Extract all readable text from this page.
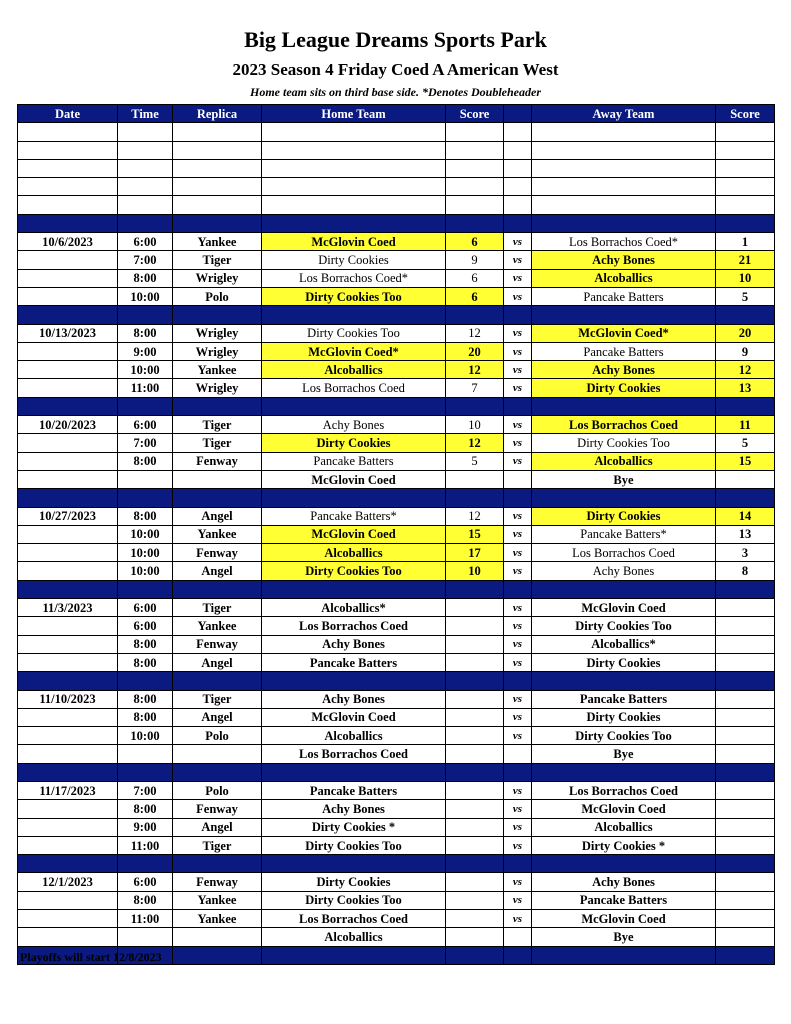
Big League Dreams Sports Park
2023 Season 4 Friday Coed A American West
Home team sits on third base side. *Denotes Doubleheader
Date	Time	Replica	Home Team	Score		Away Team	Score

10/6/2023	6:00	Yankee	McGlovin Coed	6	vs	Los Borrachos Coed*	1
	7:00	Tiger	Dirty Cookies	9	vs	Achy Bones	21
	8:00	Wrigley	Los Borrachos Coed*	6	vs	Alcoballics	10
	10:00	Polo	Dirty Cookies Too	6	vs	Pancake Batters	5

10/13/2023	8:00	Wrigley	Dirty Cookies Too	12	vs	McGlovin Coed*	20
	9:00	Wrigley	McGlovin Coed*	20	vs	Pancake Batters	9
	10:00	Yankee	Alcoballics	12	vs	Achy Bones	12
	11:00	Wrigley	Los Borrachos Coed	7	vs	Dirty Cookies	13

10/20/2023	6:00	Tiger	Achy Bones	10	vs	Los Borrachos Coed	11
	7:00	Tiger	Dirty Cookies	12	vs	Dirty Cookies Too	5
	8:00	Fenway	Pancake Batters	5	vs	Alcoballics	15
			McGlovin Coed			Bye	

10/27/2023	8:00	Angel	Pancake Batters*	12	vs	Dirty Cookies	14
	10:00	Yankee	McGlovin Coed	15	vs	Pancake Batters*	13
	10:00	Fenway	Alcoballics	17	vs	Los Borrachos Coed	3
	10:00	Angel	Dirty Cookies Too	10	vs	Achy Bones	8

11/3/2023	6:00	Tiger	Alcoballics*		vs	McGlovin Coed	
	6:00	Yankee	Los Borrachos Coed		vs	Dirty Cookies Too	
	8:00	Fenway	Achy Bones		vs	Alcoballics*	
	8:00	Angel	Pancake Batters		vs	Dirty Cookies	

11/10/2023	8:00	Tiger	Achy Bones		vs	Pancake Batters	
	8:00	Angel	McGlovin Coed		vs	Dirty Cookies	
	10:00	Polo	Alcoballics		vs	Dirty Cookies Too	
			Los Borrachos Coed			Bye	

11/17/2023	7:00	Polo	Pancake Batters		vs	Los Borrachos Coed	
	8:00	Fenway	Achy Bones		vs	McGlovin Coed	
	9:00	Angel	Dirty Cookies *		vs	Alcoballics	
	11:00	Tiger	Dirty Cookies Too		vs	Dirty Cookies *	

12/1/2023	6:00	Fenway	Dirty Cookies		vs	Achy Bones	
	8:00	Yankee	Dirty Cookies Too		vs	Pancake Batters	
	11:00	Yankee	Los Borrachos Coed		vs	McGlovin Coed	
			Alcoballics			Bye	

Playoffs will start 12/8/2023
